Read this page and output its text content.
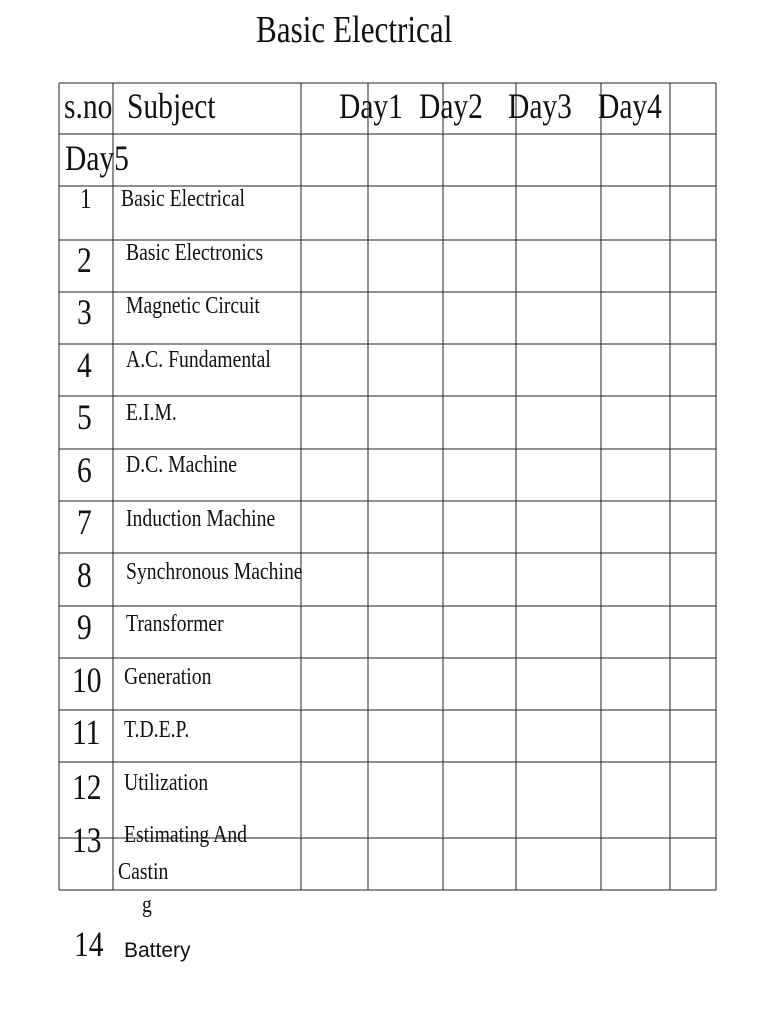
Basic Electrical
s.no Subject	Day1 Day2 Day3 Day4
Day5
1 Basic Electrical
2 Basic Electronics
3 Magnetic Circuit
4 A.C. Fundamental
5 E.I.M.
6 D.C. Machine
7 Induction Machine
8 Synchronous Machine
9 Transformer
10 Generation
11 T.D.E.P.
12 Utilization
13 Estimating And
Castin
g
14 Battery
